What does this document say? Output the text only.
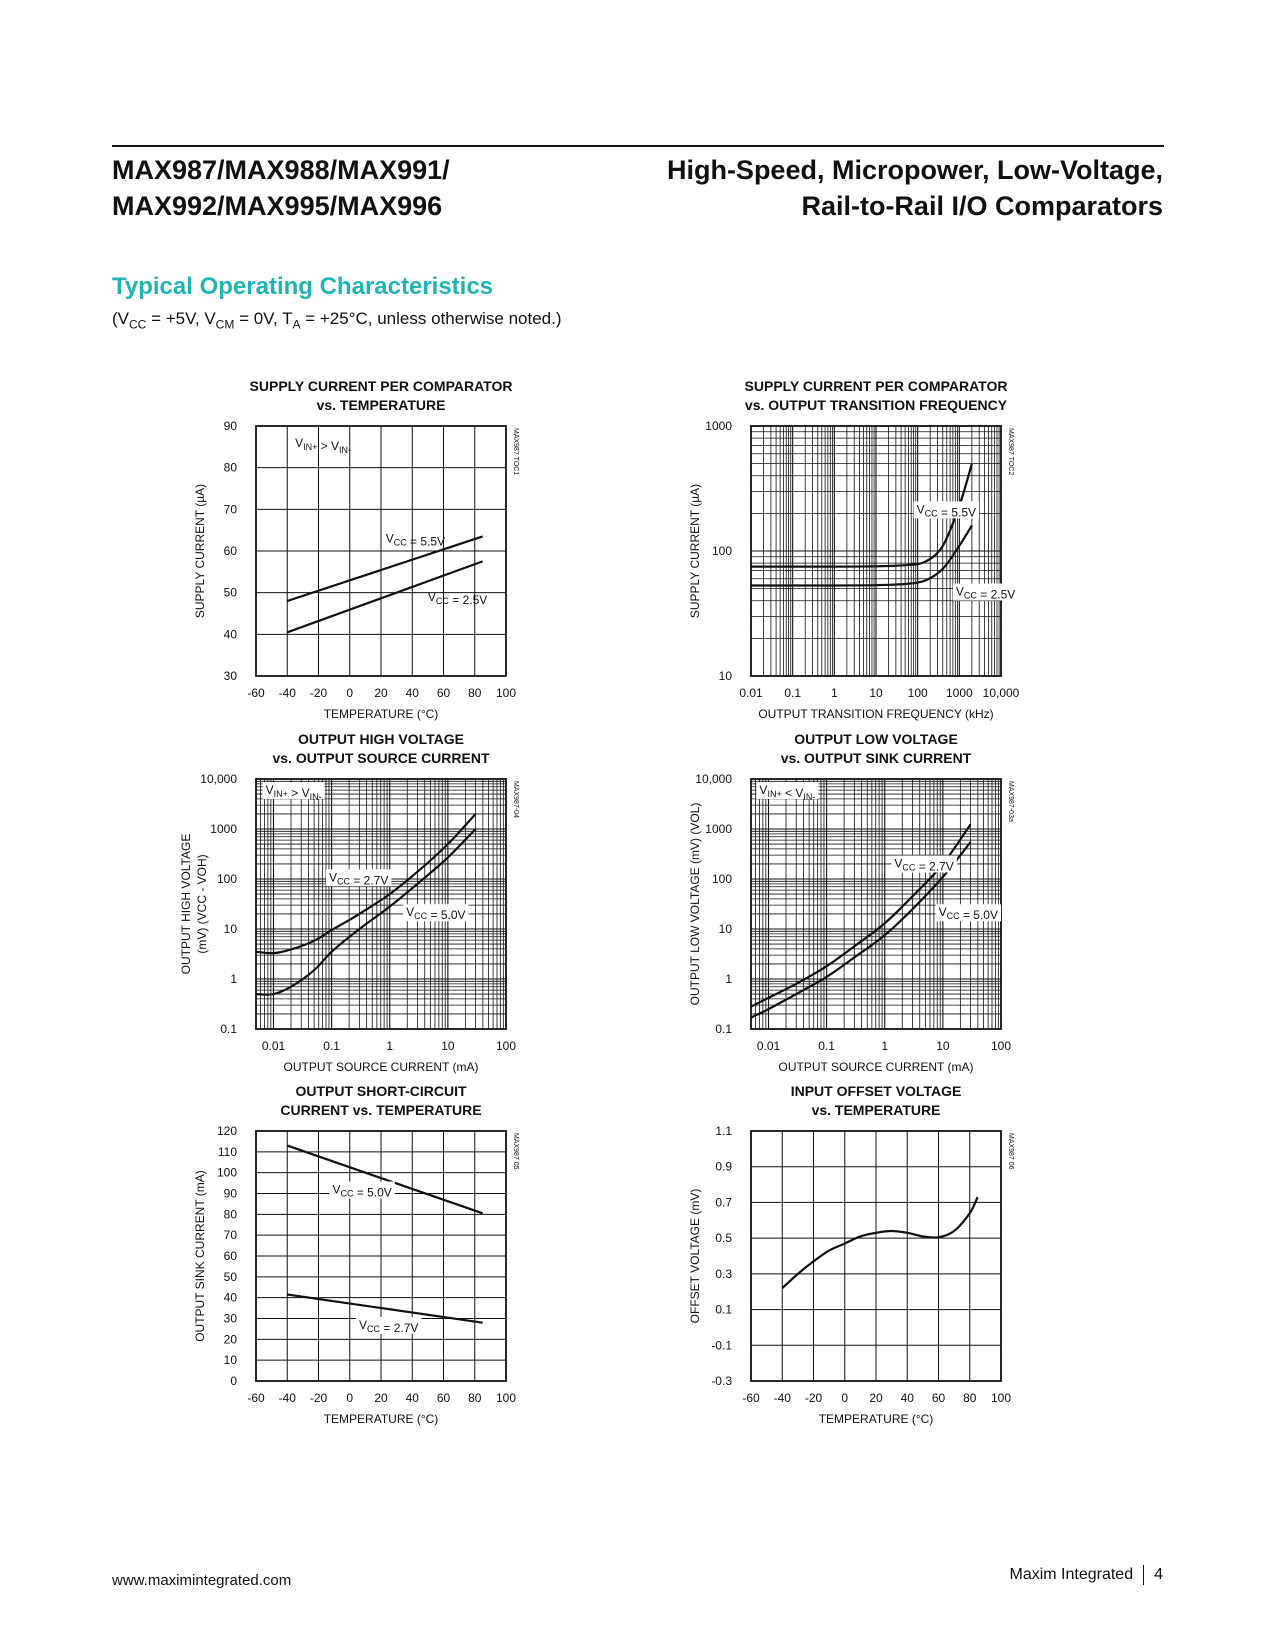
MAX987/MAX988/MAX991/
MAX992/MAX995/MAX996
High-Speed, Micropower, Low-Voltage,
Rail-to-Rail I/O Comparators
Typical Operating Characteristics

($V_{CC} = +5V$, $V_{CM} = 0V$, $T_A = +25^\circ C$, unless otherwise noted.)

SUPPLY CURRENT PER COMPARATOR
vs. TEMPERATURE
-60 -40 -20 0 20 40 60 80 100
30
40
50
60
70
80
90
TEMPERATURE (°C)
SUPPLY CURRENT (µA)
MAX987 TOC1
$V_{IN+} > V_{IN-}$
$V_{CC} = 5.5V$
$V_{CC} = 2.5V$
SUPPLY CURRENT PER COMPARATOR
vs. OUTPUT TRANSITION FREQUENCY
0.01 0.1 1	10 100 1000 10,000
10
100
1000
OUTPUT TRANSITION FREQUENCY (kHz)
SUPPLY CURRENT (µA)
MAX987 TOC2
$V_{CC} = 5.5V$
$V_{CC} = 2.5V$
OUTPUT HIGH VOLTAGE
vs. OUTPUT SOURCE CURRENT
0.01	0.1	1	10	100
0.1
1
10
100
1000
10,000
OUTPUT SOURCE CURRENT (mA)
OUTPUT HIGH VOLTAGE (mV) (VCC - VOH)
MAX987-04
$V_{IN+} > V_{IN-}$
$V_{CC} = 2.7V$
$V_{CC} = 5.0V$
OUTPUT LOW VOLTAGE
vs. OUTPUT SINK CURRENT
0.01	0.1	1	10	100
0.1
1
10
100
1000
10,000
OUTPUT SOURCE CURRENT (mA)
OUTPUT LOW VOLTAGE (mV) (VOL)
MAX987-03a
$V_{IN+} < V_{IN-}$
$V_{CC} = 2.7V$
$V_{CC} = 5.0V$
OUTPUT SHORT-CIRCUIT
CURRENT vs. TEMPERATURE
-60 -40 -20 0 20 40 60 80 100
0
10
20
30
40
50
60
70
80
90
100
110
120
TEMPERATURE (°C)
OUTPUT SINK CURRENT (mA)
MAX987 05
$V_{CC} = 5.0V$
$V_{CC} = 2.7V$
INPUT OFFSET VOLTAGE
vs. TEMPERATURE
-60 -40 -20 0 20 40 60 80 100
-0.3
-0.1
0.1
0.3
0.5
0.7
0.9
1.1
TEMPERATURE (°C)
OFFSET VOLTAGE (mV)
MAX987 06
www.maximintegrated.com	Maxim Integrated 4
